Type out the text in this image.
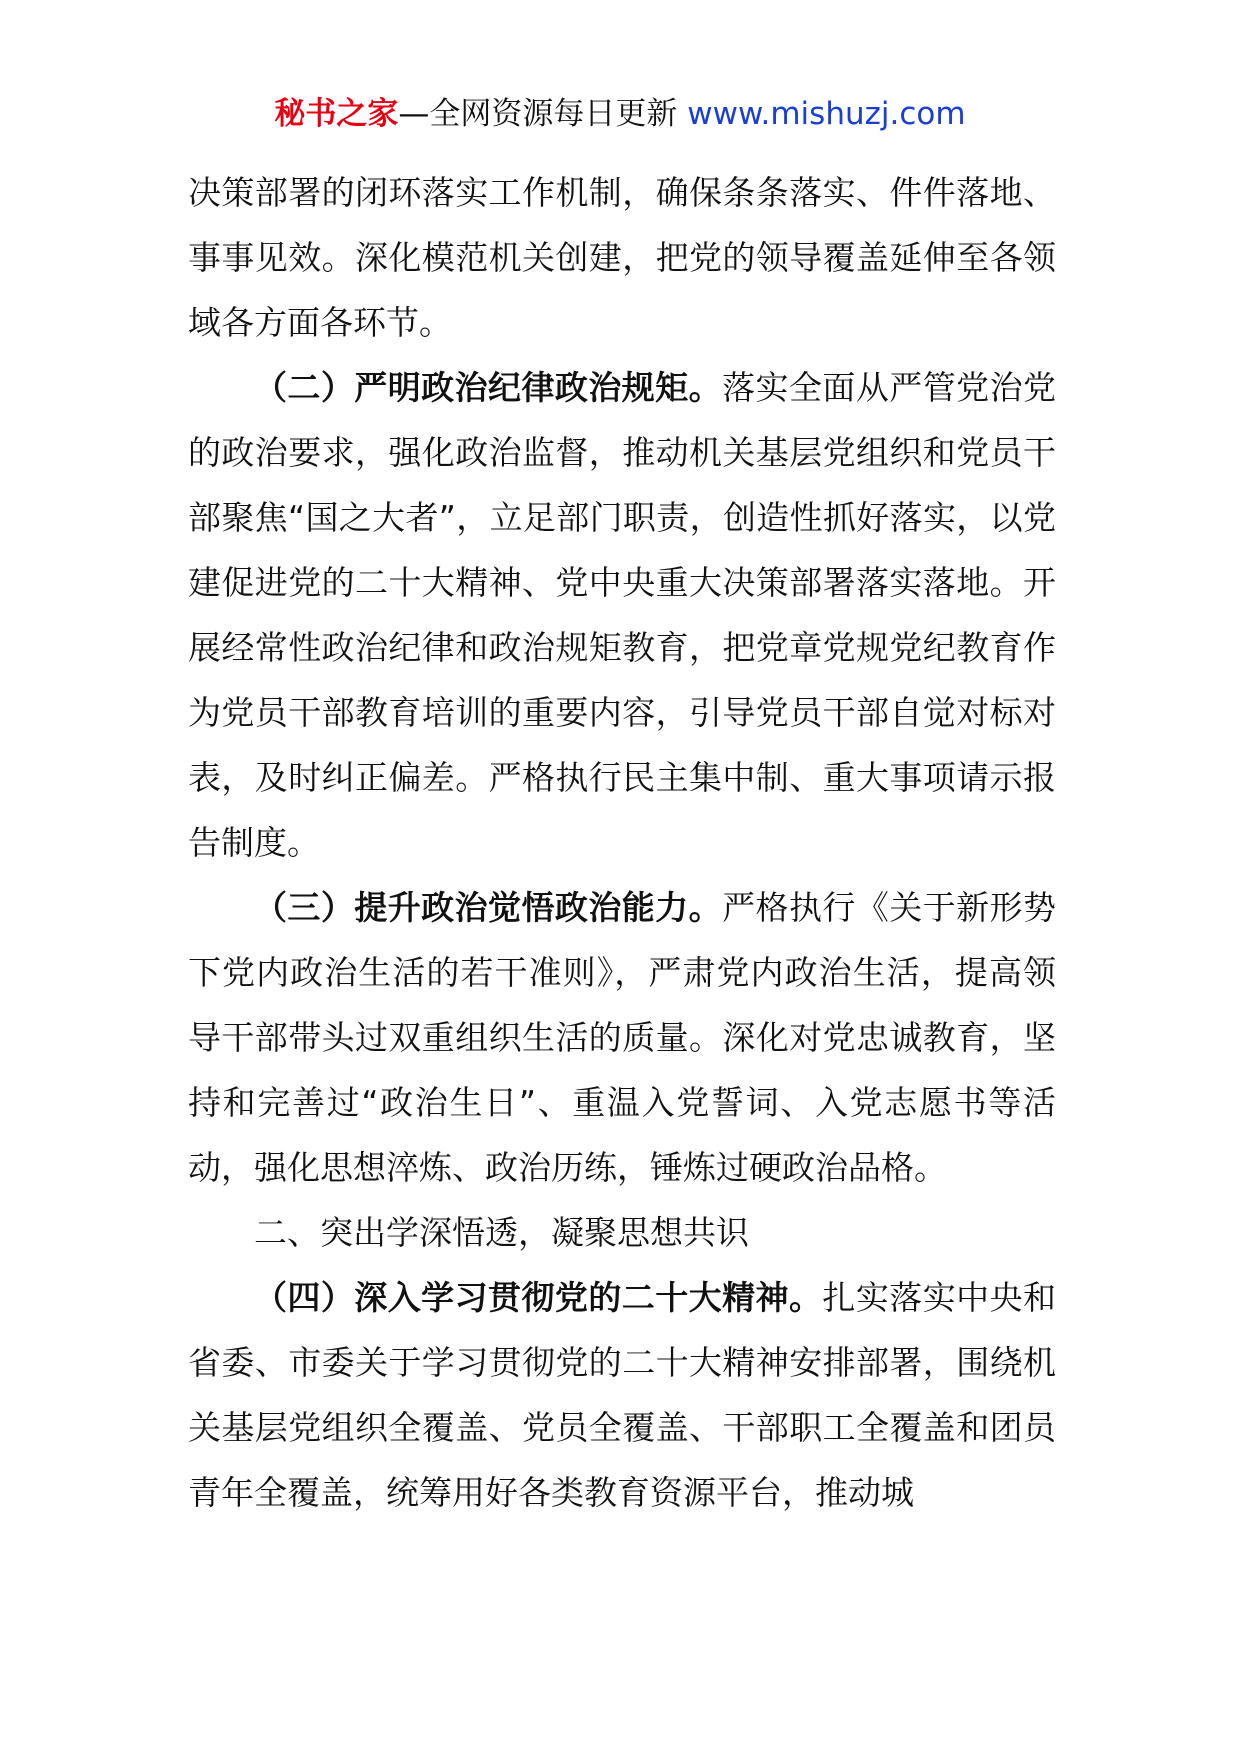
秘书之家—全网资源每日更新 www.mishuzj.com

决策部署的闭环落实工作机制，确保条条落实、件件落地、事事见效。深化模范机关创建，把党的领导覆盖延伸至各领域各方面各环节。

（二）严明政治纪律政治规矩。落实全面从严管党治党的政治要求，强化政治监督，推动机关基层党组织和党员干部聚焦“国之大者”，立足部门职责，创造性抓好落实，以党建促进党的二十大精神、党中央重大决策部署落实落地。开展经常性政治纪律和政治规矩教育，把党章党规党纪教育作为党员干部教育培训的重要内容，引导党员干部自觉对标对表，及时纠正偏差。严格执行民主集中制、重大事项请示报告制度。

（三）提升政治觉悟政治能力。严格执行《关于新形势下党内政治生活的若干准则》，严肃党内政治生活，提高领导干部带头过双重组织生活的质量。深化对党忠诚教育，坚持和完善过“政治生日”、重温入党誓词、入党志愿书等活动，强化思想淬炼、政治历练，锤炼过硬政治品格。

二、突出学深悟透，凝聚思想共识

（四）深入学习贯彻党的二十大精神。扎实落实中央和省委、市委关于学习贯彻党的二十大精神安排部署，围绕机关基层党组织全覆盖、党员全覆盖、干部职工全覆盖和团员青年全覆盖，统筹用好各类教育资源平台，推动城
